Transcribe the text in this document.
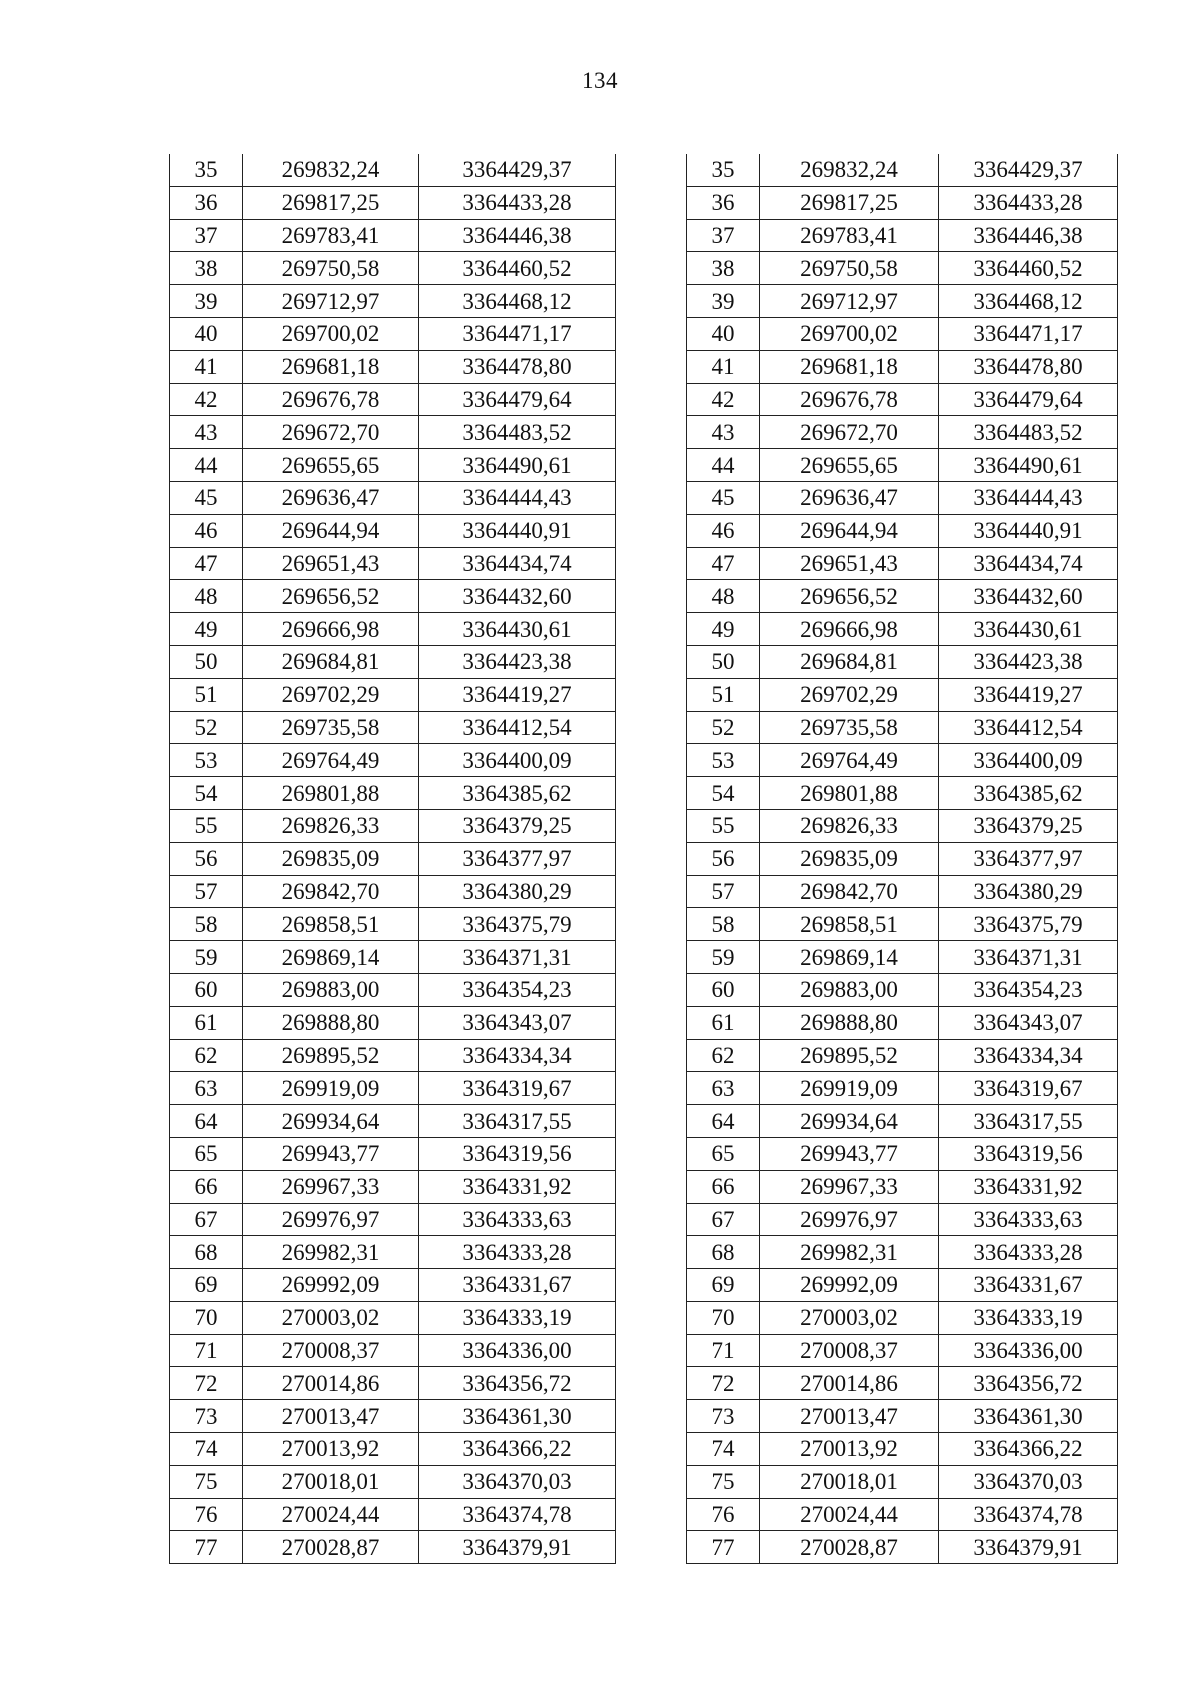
134
35	269832,24	3364429,37
36	269817,25	3364433,28
37	269783,41	3364446,38
38	269750,58	3364460,52
39	269712,97	3364468,12
40	269700,02	3364471,17
41	269681,18	3364478,80
42	269676,78	3364479,64
43	269672,70	3364483,52
44	269655,65	3364490,61
45	269636,47	3364444,43
46	269644,94	3364440,91
47	269651,43	3364434,74
48	269656,52	3364432,60
49	269666,98	3364430,61
50	269684,81	3364423,38
51	269702,29	3364419,27
52	269735,58	3364412,54
53	269764,49	3364400,09
54	269801,88	3364385,62
55	269826,33	3364379,25
56	269835,09	3364377,97
57	269842,70	3364380,29
58	269858,51	3364375,79
59	269869,14	3364371,31
60	269883,00	3364354,23
61	269888,80	3364343,07
62	269895,52	3364334,34
63	269919,09	3364319,67
64	269934,64	3364317,55
65	269943,77	3364319,56
66	269967,33	3364331,92
67	269976,97	3364333,63
68	269982,31	3364333,28
69	269992,09	3364331,67
70	270003,02	3364333,19
71	270008,37	3364336,00
72	270014,86	3364356,72
73	270013,47	3364361,30
74	270013,92	3364366,22
75	270018,01	3364370,03
76	270024,44	3364374,78
77	270028,87	3364379,91
35	269832,24	3364429,37
36	269817,25	3364433,28
37	269783,41	3364446,38
38	269750,58	3364460,52
39	269712,97	3364468,12
40	269700,02	3364471,17
41	269681,18	3364478,80
42	269676,78	3364479,64
43	269672,70	3364483,52
44	269655,65	3364490,61
45	269636,47	3364444,43
46	269644,94	3364440,91
47	269651,43	3364434,74
48	269656,52	3364432,60
49	269666,98	3364430,61
50	269684,81	3364423,38
51	269702,29	3364419,27
52	269735,58	3364412,54
53	269764,49	3364400,09
54	269801,88	3364385,62
55	269826,33	3364379,25
56	269835,09	3364377,97
57	269842,70	3364380,29
58	269858,51	3364375,79
59	269869,14	3364371,31
60	269883,00	3364354,23
61	269888,80	3364343,07
62	269895,52	3364334,34
63	269919,09	3364319,67
64	269934,64	3364317,55
65	269943,77	3364319,56
66	269967,33	3364331,92
67	269976,97	3364333,63
68	269982,31	3364333,28
69	269992,09	3364331,67
70	270003,02	3364333,19
71	270008,37	3364336,00
72	270014,86	3364356,72
73	270013,47	3364361,30
74	270013,92	3364366,22
75	270018,01	3364370,03
76	270024,44	3364374,78
77	270028,87	3364379,91
